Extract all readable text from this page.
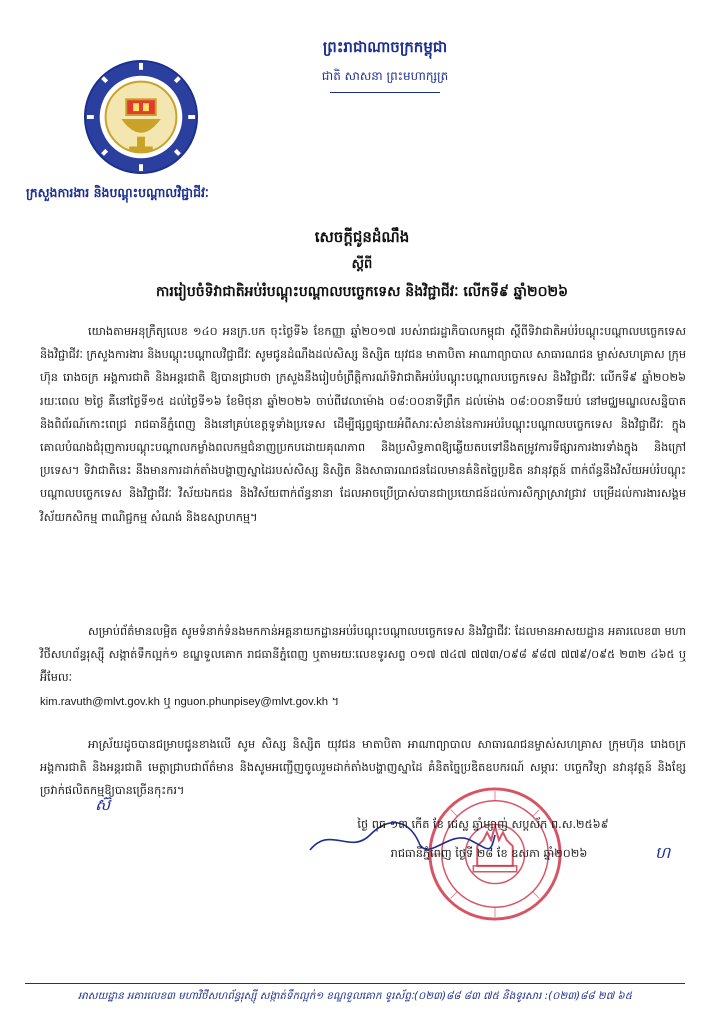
ព្រះរាជាណាចក្រកម្ពុជា
ជាតិ សាសនា ព្រះមហាក្សត្រ
ក្រសួងការងារ និងបណ្តុះបណ្តាលវិជ្ជាជីវៈ
សេចក្តីជូនដំណឹង
ស្តីពី
ការរៀបចំទិវាជាតិអប់រំបណ្តុះបណ្តាលបច្ចេកទេស និងវិជ្ជាជីវៈ លើកទី៩ ឆ្នាំ២០២៦
យោងតាមអនុក្រឹត្យលេខ ១៤០ អនក្រ.បក ចុះថ្ងៃទី៦ ខែកញ្ញា ឆ្នាំ២០១៧ របស់រាជរដ្ឋាភិបាលកម្ពុជា ស្តីពីទិវាជាតិអប់រំបណ្តុះបណ្តាលបច្ចេកទេស និងវិជ្ជាជីវៈ ក្រសួងការងារ និងបណ្តុះបណ្តាលវិជ្ជាជីវៈ សូមជូនដំណឹងដល់សិស្ស និស្សិត យុវជន មាតាបិតា អាណាព្យាបាល សាធារណជន ម្ចាស់សហគ្រាស ក្រុមហ៊ុន រោងចក្រ អង្គការជាតិ និងអន្តរជាតិ ឱ្យបានជ្រាបថា ក្រសួងនឹងរៀបចំព្រឹត្តិការណ៍ទិវាជាតិអប់រំបណ្តុះបណ្តាលបច្ចេកទេស និងវិជ្ជាជីវៈ លើកទី៩ ឆ្នាំ២០២៦ រយៈពេល ២ថ្ងៃ គឺនៅថ្ងៃទី១៥ ដល់ថ្ងៃទី១៦ ខែមិថុនា ឆ្នាំ២០២៦ ចាប់ពីវេលាម៉ោង ០៨:០០នាទីព្រឹក ដល់ម៉ោង ០៨:០០នាទីយប់ នៅមជ្ឈមណ្ឌលសន្និបាត និងពិព័រណ៍កោះពេជ្រ រាជធានីភ្នំពេញ និងនៅគ្រប់ខេត្តទូទាំងប្រទេស ដើម្បីផ្សព្វផ្សាយអំពីសារៈសំខាន់នៃការអប់រំបណ្តុះបណ្តាលបច្ចេកទេស និងវិជ្ជាជីវៈ ក្នុងគោលបំណងជំរុញការបណ្តុះបណ្តាលកម្លាំងពលកម្មជំនាញប្រកបដោយគុណភាព និងប្រសិទ្ធភាពឱ្យឆ្លើយតបទៅនឹងតម្រូវការទីផ្សារការងារទាំងក្នុង និងក្រៅប្រទេស។ ទិវាជាតិនេះ នឹងមានការដាក់តាំងបង្ហាញស្នាដៃរបស់សិស្ស និស្សិត និងសាធារណជនដែលមានគំនិតច្នៃប្រឌិត នវានុវត្តន៍ ពាក់ព័ន្ធនឹងវិស័យអប់រំបណ្តុះបណ្តាលបច្ចេកទេស និងវិជ្ជាជីវៈ វិស័យឯកជន និងវិស័យពាក់ព័ន្ធនានា ដែលអាចប្រើប្រាស់បានជាប្រយោជន៍ដល់ការសិក្សាស្រាវជ្រាវ បម្រើដល់ការងារសង្គម វិស័យកសិកម្ម ពាណិជ្ជកម្ម សំណង់ និងឧស្សាហកម្ម។
សម្រាប់ព័ត៌មានលម្អិត សូមទំនាក់ទំនងមកកាន់អគ្គនាយកដ្ឋានអប់រំបណ្តុះបណ្តាលបច្ចេកទេស និងវិជ្ជាជីវៈ ដែលមានអាសយដ្ឋាន អគារលេខ៣ មហាវិថីសហព័ន្ធរុស្ស៊ី សង្កាត់ទឹកល្អក់១ ខណ្ឌទួលគោក រាជធានីភ្នំពេញ ឬតាមរយៈលេខទូរសព្ទ ០១៧ ៧៤៧ ៧៧៣/០៩៨ ៩៨៧ ៧៧៩/០៩៥ ២៣២ ៤៦៥ ឬអ៊ីមែលៈ
kim.ravuth@mlvt.gov.kh ឬ nguon.phunpisey@mlvt.gov.kh ។
អាស្រ័យដូចបានជម្រាបជូនខាងលើ សូម សិស្ស និស្សិត យុវជន មាតាបិតា អាណាព្យាបាល សាធារណជនម្ចាស់សហគ្រាស ក្រុមហ៊ុន រោងចក្រ អង្គការជាតិ និងអន្តរជាតិ មេត្តាជ្រាបជាព័ត៌មាន និងសូមអញ្ជើញចូលរួមដាក់តាំងបង្ហាញស្នាដៃ គំនិតច្នៃប្រឌិតឧបករណ៍ សម្ភារៈ បច្ចេកវិទ្យា នវានុវត្តន៍ និងខ្សែច្រវាក់ផលិតកម្មឱ្យបានច្រើនកុះករ។
ស៊៊
ថ្ងៃ ពុធ ១៣ កើត ខែ ជេស្ឋ ឆ្នាំម្សាញ់ សប្តស័ក ព.ស.២៥៦៩
រាជធានីភ្នំពេញ ថ្ងៃទី ២៨ ខែ ឧសភា ឆ្នាំ២០២៦	ហ
អាសយដ្ឋាន អគារលេខ៣ មហាវិថីសហព័ន្ធរុស្ស៊ី សង្កាត់ទឹកល្អក់១ ខណ្ឌទួលគោក ទូរស័ព្ទៈ(០២៣)៨៨ ៨៣ ៧៥ និងទូរសារ :(០២៣)៨៨ ២៧ ៦៥
